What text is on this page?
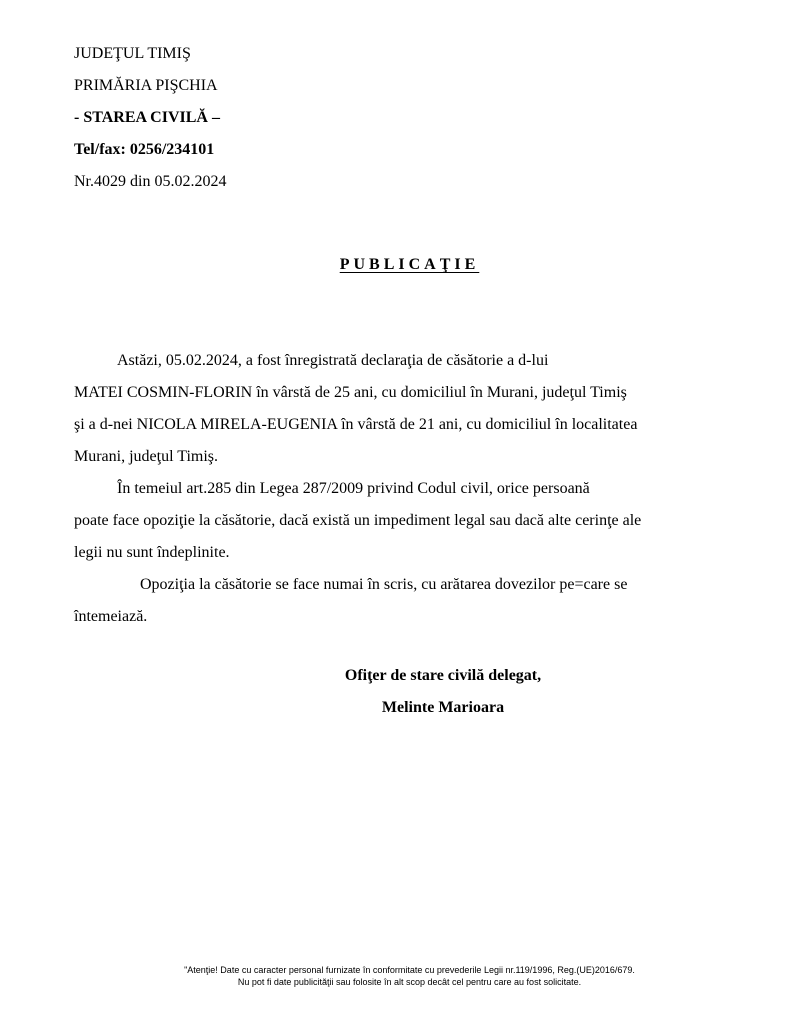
JUDEŢUL TIMIŞ
PRIMĂRIA PIŞCHIA
- STAREA CIVILĂ –
Tel/fax: 0256/234101
Nr.4029 din 05.02.2024
PUBLICAŢIE

Astăzi, 05.02.2024, a fost înregistrată declaraţia de căsătorie a d-lui

MATEI COSMIN-FLORIN în vârstă de 25 ani, cu domiciliul în Murani, judeţul Timiş

şi a d-nei NICOLA MIRELA-EUGENIA în vârstă de 21 ani, cu domiciliul în localitatea

Murani, judeţul Timiş.

În temeiul art.285 din Legea 287/2009 privind Codul civil, orice persoană

poate face opoziţie la căsătorie, dacă există un impediment legal sau dacă alte cerinţe ale

legii nu sunt îndeplinite.

Opoziţia la căsătorie se face numai în scris, cu arătarea dovezilor pe=care se

întemeiază.

Ofiţer de stare civilă delegat,
Melinte Marioara
"Atenţie! Date cu caracter personal furnizate în conformitate cu prevederile Legii nr.119/1996, Reg.(UE)2016/679.
Nu pot fi date publicităţii sau folosite în alt scop decât cel pentru care au fost solicitate.
